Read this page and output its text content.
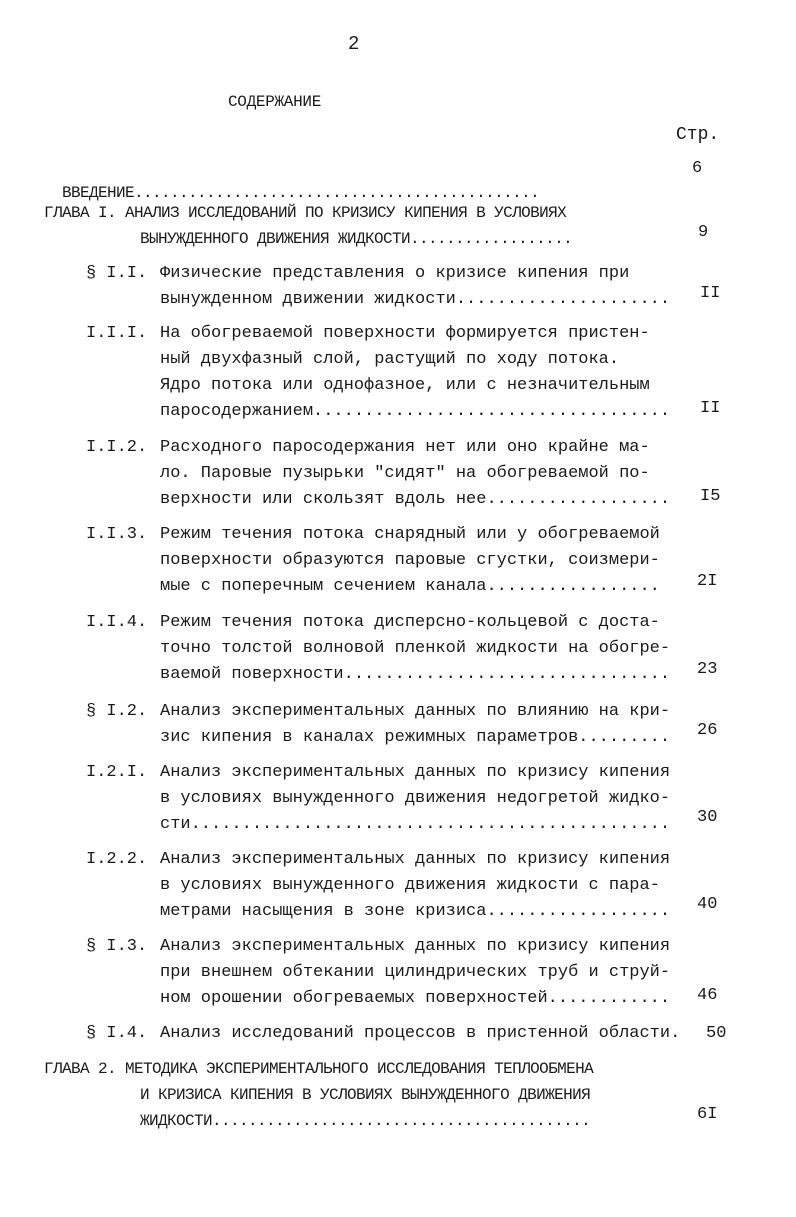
2
СОДЕРЖАНИЕ
Стр.

ВВЕДЕНИЕ.............................................

6
ГЛАВА I. АНАЛИЗ ИССЛЕДОВАНИЙ ПО КРИЗИСУ КИПЕНИЯ В УСЛОВИЯХ
ВЫНУЖДЕННОГО ДВИЖЕНИЯ ЖИДКОСТИ..................	9
§ I.I. Физические представления о кризисе кипения при
вынужденном движении жидкости..................... II
I.I.I. На обогреваемой поверхности формируется пристен-
ный двухфазный слой, растущий по ходу потока.
Ядро потока или однофазное, или с незначительным
паросодержанием................................... II
I.I.2. Расходного паросодержания нет или оно крайне ма-
ло. Паровые пузырьки "сидят" на обогреваемой по-
верхности или скользят вдоль нее.................. I5
I.I.3. Режим течения потока снарядный или у обогреваемой
поверхности образуются паровые сгустки, соизмери-
мые с поперечным сечением канала................. 2I
I.I.4. Режим течения потока дисперсно-кольцевой с доста-
точно толстой волновой пленкой жидкости на обогре-
ваемой поверхности................................ 23
§ I.2. Анализ экспериментальных данных по влиянию на кри-
зис кипения в каналах режимных параметров......... 26
I.2.I. Анализ экспериментальных данных по кризису кипения
в условиях вынужденного движения недогретой жидко-
сти............................................... 30
I.2.2. Анализ экспериментальных данных по кризису кипения
в условиях вынужденного движения жидкости с пара-
метрами насыщения в зоне кризиса.................. 40
§ I.3. Анализ экспериментальных данных по кризису кипения
при внешнем обтекании цилиндрических труб и струй-
ном орошении обогреваемых поверхностей............ 46
§ I.4. Анализ исследований процессов в пристенной области. 50
ГЛАВА 2. МЕТОДИКА ЭКСПЕРИМЕНТАЛЬНОГО ИССЛЕДОВАНИЯ ТЕПЛООБМЕНА
И КРИЗИСА КИПЕНИЯ В УСЛОВИЯХ ВЫНУЖДЕННОГО ДВИЖЕНИЯ
ЖИДКОСТИ..........................................	6I
